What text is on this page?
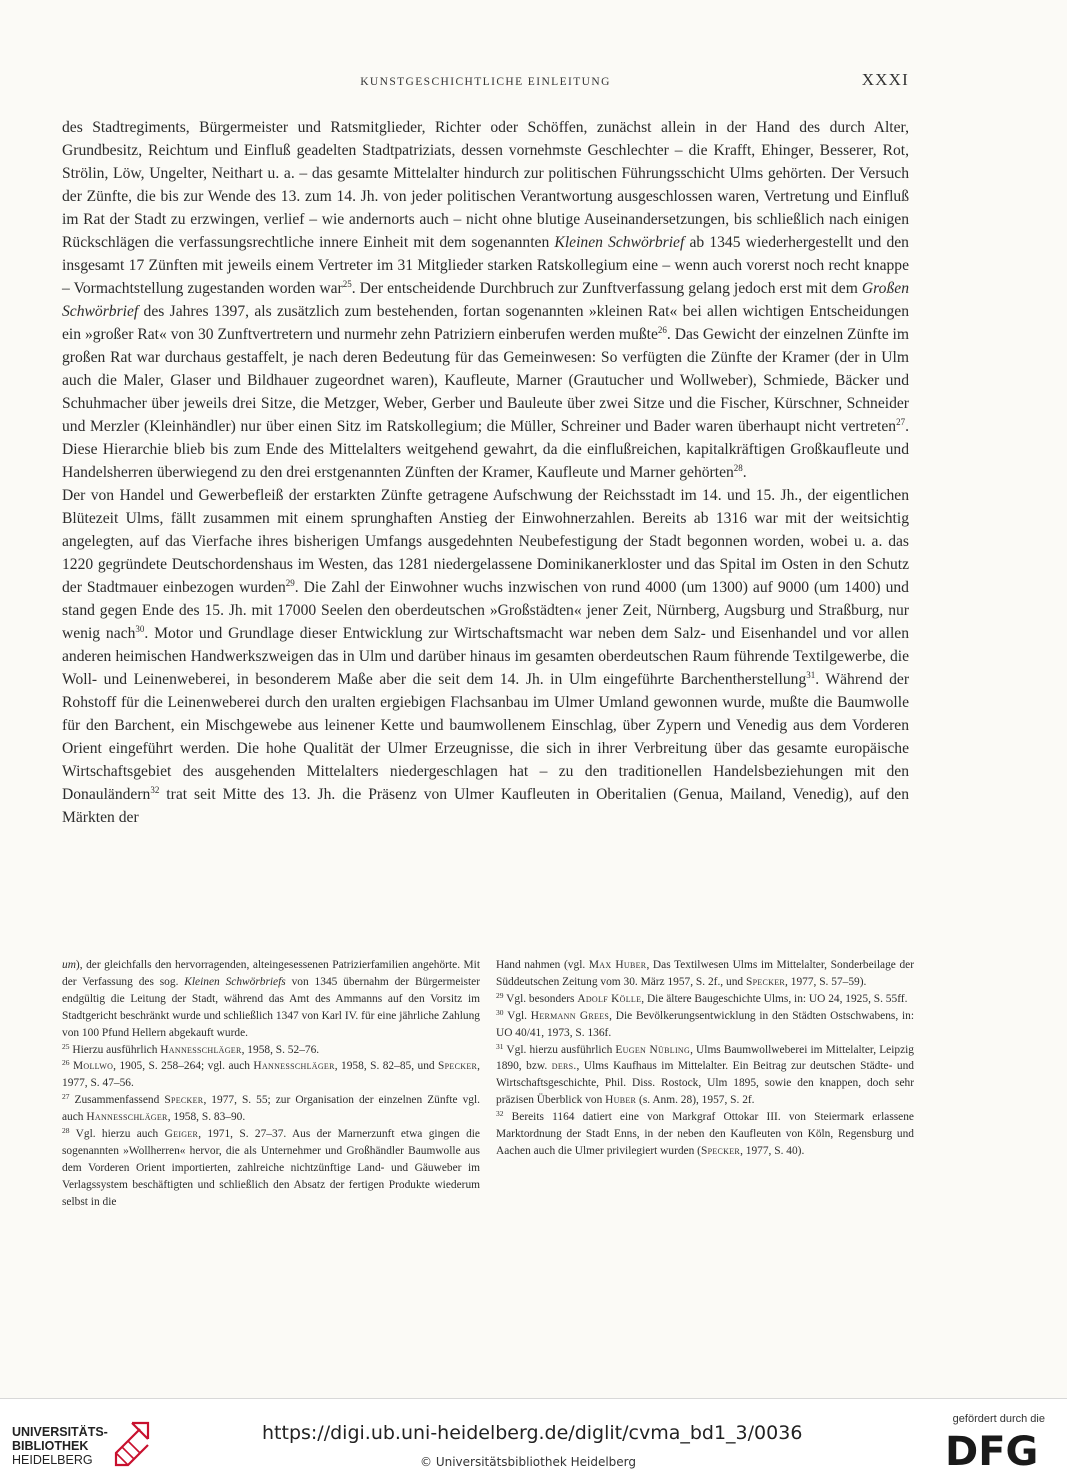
KUNSTGESCHICHTLICHE EINLEITUNG	XXXI

des Stadtregiments, Bürgermeister und Ratsmitglieder, Richter oder Schöffen, zunächst allein in der Hand des durch Alter, Grundbesitz, Reichtum und Einfluß geadelten Stadtpatriziats, dessen vornehmste Geschlechter – die Krafft, Ehinger, Besserer, Rot, Strölin, Löw, Ungelter, Neithart u. a. – das gesamte Mittelalter hindurch zur politischen Führungsschicht Ulms gehörten. Der Versuch der Zünfte, die bis zur Wende des 13. zum 14. Jh. von jeder politischen Verantwortung ausgeschlossen waren, Vertretung und Einfluß im Rat der Stadt zu erzwingen, verlief – wie andernorts auch – nicht ohne blutige Auseinandersetzungen, bis schließlich nach einigen Rückschlägen die verfassungsrechtliche innere Einheit mit dem sogenannten Kleinen Schwörbrief ab 1345 wiederhergestellt und den insgesamt 17 Zünften mit jeweils einem Vertreter im 31 Mitglieder starken Ratskollegium eine – wenn auch vorerst noch recht knappe – Vormachtstellung zugestanden worden war$^{25}$. Der entscheidende Durchbruch zur Zunftverfassung gelang jedoch erst mit dem Großen Schwörbrief des Jahres 1397, als zusätzlich zum bestehenden, fortan sogenannten »kleinen Rat« bei allen wichtigen Entscheidungen ein »großer Rat« von 30 Zunftvertretern und nurmehr zehn Patriziern einberufen werden mußte$^{26}$. Das Gewicht der einzelnen Zünfte im großen Rat war durchaus gestaffelt, je nach deren Bedeutung für das Gemeinwesen: So verfügten die Zünfte der Kramer (der in Ulm auch die Maler, Glaser und Bildhauer zugeordnet waren), Kaufleute, Marner (Grautucher und Wollweber), Schmiede, Bäcker und Schuhmacher über jeweils drei Sitze, die Metzger, Weber, Gerber und Bauleute über zwei Sitze und die Fischer, Kürschner, Schneider und Merzler (Kleinhändler) nur über einen Sitz im Ratskollegium; die Müller, Schreiner und Bader waren überhaupt nicht vertreten$^{27}$. Diese Hierarchie blieb bis zum Ende des Mittelalters weitgehend gewahrt, da die einflußreichen, kapitalkräftigen Großkaufleute und Handelsherren überwiegend zu den drei erstgenannten Zünften der Kramer, Kaufleute und Marner gehörten$^{28}$.

Der von Handel und Gewerbefleiß der erstarkten Zünfte getragene Aufschwung der Reichsstadt im 14. und 15. Jh., der eigentlichen Blütezeit Ulms, fällt zusammen mit einem sprunghaften Anstieg der Einwohnerzahlen. Bereits ab 1316 war mit der weitsichtig angelegten, auf das Vierfache ihres bisherigen Umfangs ausgedehnten Neubefestigung der Stadt begonnen worden, wobei u. a. das 1220 gegründete Deutschordenshaus im Westen, das 1281 niedergelassene Dominikanerkloster und das Spital im Osten in den Schutz der Stadtmauer einbezogen wurden$^{29}$. Die Zahl der Einwohner wuchs inzwischen von rund 4000 (um 1300) auf 9000 (um 1400) und stand gegen Ende des 15. Jh. mit 17000 Seelen den oberdeutschen »Großstädten« jener Zeit, Nürnberg, Augsburg und Straßburg, nur wenig nach$^{30}$. Motor und Grundlage dieser Entwicklung zur Wirtschaftsmacht war neben dem Salz- und Eisenhandel und vor allen anderen heimischen Handwerkszweigen das in Ulm und darüber hinaus im gesamten oberdeutschen Raum führende Textilgewerbe, die Woll- und Leinenweberei, in besonderem Maße aber die seit dem 14. Jh. in Ulm eingeführte Barchentherstellung$^{31}$. Während der Rohstoff für die Leinenweberei durch den uralten ergiebigen Flachsanbau im Ulmer Umland gewonnen wurde, mußte die Baumwolle für den Barchent, ein Mischgewebe aus leinener Kette und baumwollenem Einschlag, über Zypern und Venedig aus dem Vorderen Orient eingeführt werden. Die hohe Qualität der Ulmer Erzeugnisse, die sich in ihrer Verbreitung über das gesamte europäische Wirtschaftsgebiet des ausgehenden Mittelalters niedergeschlagen hat – zu den traditionellen Handelsbeziehungen mit den Donauländern$^{32}$ trat seit Mitte des 13. Jh. die Präsenz von Ulmer Kaufleuten in Oberitalien (Genua, Mailand, Venedig), auf den Märkten der

um), der gleichfalls den hervorragenden, alteingesessenen Patrizierfamilien angehörte. Mit der Verfassung des sog. Kleinen Schwörbriefs von 1345 übernahm der Bürgermeister endgültig die Leitung der Stadt, während das Amt des Ammanns auf den Vorsitz im Stadtgericht beschränkt wurde und schließlich 1347 von Karl IV. für eine jährliche Zahlung von 100 Pfund Hellern abgekauft wurde.

$^{25}$ Hierzu ausführlich Hannesschläger, 1958, S. 52–76.

$^{26}$ Mollwo, 1905, S. 258–264; vgl. auch Hannesschläger, 1958, S. 82–85, und Specker, 1977, S. 47–56.

$^{27}$ Zusammenfassend Specker, 1977, S. 55; zur Organisation der einzelnen Zünfte vgl. auch Hannesschläger, 1958, S. 83–90.

$^{28}$ Vgl. hierzu auch Geiger, 1971, S. 27–37. Aus der Marnerzunft etwa gingen die sogenannten »Wollherren« hervor, die als Unternehmer und Großhändler Baumwolle aus dem Vorderen Orient importierten, zahlreiche nichtzünftige Land- und Gäuweber im Verlagssystem beschäftigten und schließlich den Absatz der fertigen Produkte wiederum selbst in die

Hand nahmen (vgl. Max Huber, Das Textilwesen Ulms im Mittelalter, Sonderbeilage der Süddeutschen Zeitung vom 30. März 1957, S. 2f., und Specker, 1977, S. 57–59).

$^{29}$ Vgl. besonders Adolf Kölle, Die ältere Baugeschichte Ulms, in: UO 24, 1925, S. 55ff.

$^{30}$ Vgl. Hermann Grees, Die Bevölkerungsentwicklung in den Städten Ostschwabens, in: UO 40/41, 1973, S. 136f.

$^{31}$ Vgl. hierzu ausführlich Eugen Nübling, Ulms Baumwollweberei im Mittelalter, Leipzig 1890, bzw. ders., Ulms Kaufhaus im Mittelalter. Ein Beitrag zur deutschen Städte- und Wirtschaftsgeschichte, Phil. Diss. Rostock, Ulm 1895, sowie den knappen, doch sehr präzisen Überblick von Huber (s. Anm. 28), 1957, S. 2f.

$^{32}$ Bereits 1164 datiert eine von Markgraf Ottokar III. von Steiermark erlassene Marktordnung der Stadt Enns, in der neben den Kaufleuten von Köln, Regensburg und Aachen auch die Ulmer privilegiert wurden (Specker, 1977, S. 40).

UNIVERSITÄTS-
BIBLIOTHEK
HEIDELBERG
https://digi.ub.uni-heidelberg.de/diglit/cvma_bd1_3/0036
© Universitätsbibliothek Heidelberg
gefördert durch die
DFG
